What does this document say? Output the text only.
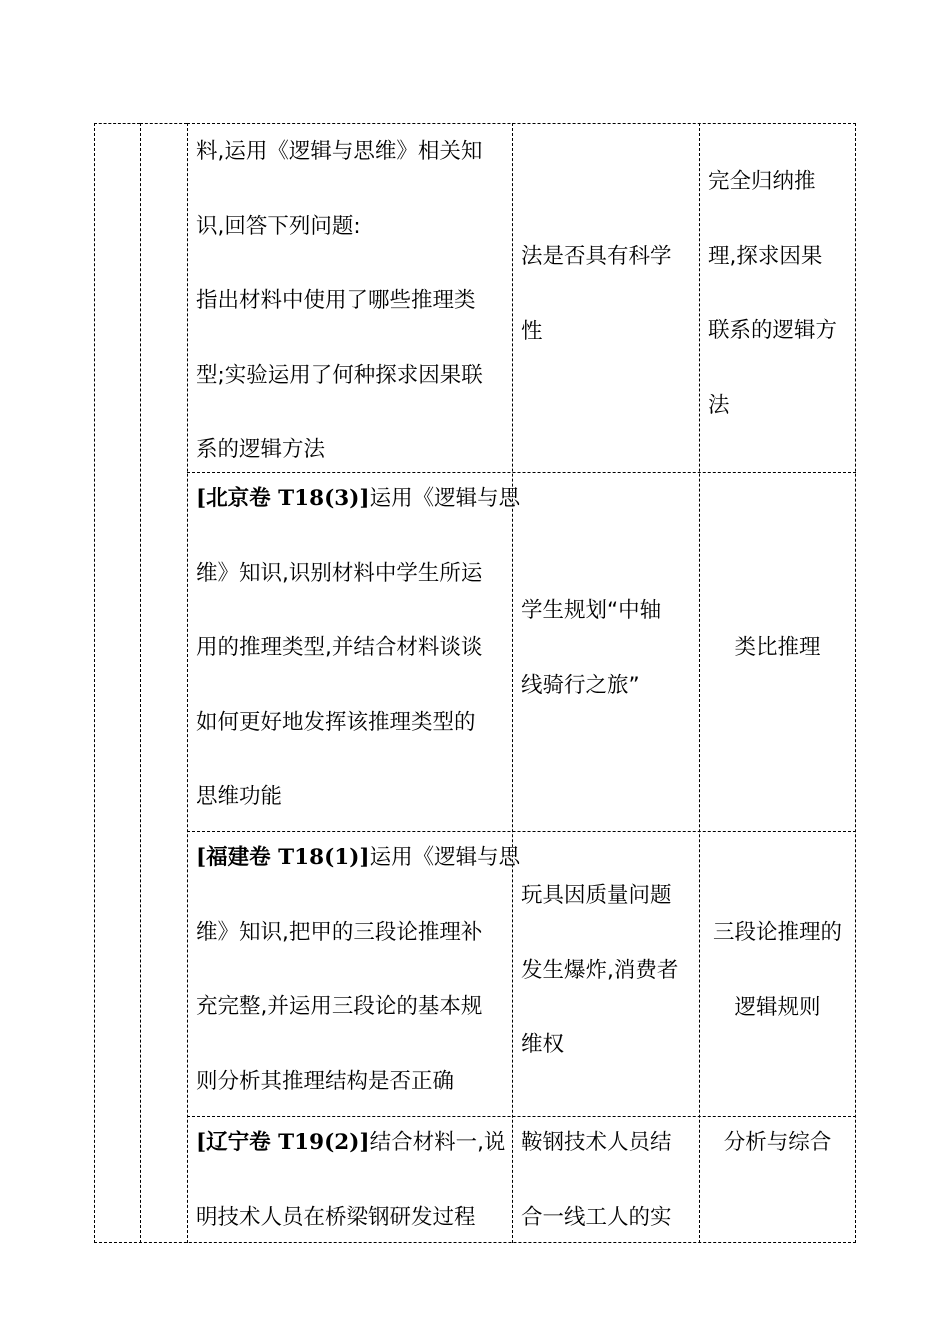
料,运用《逻辑与思维》相关知
识,回答下列问题:
指出材料中使用了哪些推理类
型;实验运用了何种探求因果联
系的逻辑方法
法是否具有科学
性
完全归纳推
理,探求因果
联系的逻辑方
法
[北京卷 T18(3)]运用《逻辑与思
维》知识,识别材料中学生所运
用的推理类型,并结合材料谈谈
如何更好地发挥该推理类型的
思维功能
学生规划“中轴
线骑行之旅”
类比推理
[福建卷 T18(1)]运用《逻辑与思
维》知识,把甲的三段论推理补
充完整,并运用三段论的基本规
则分析其推理结构是否正确
玩具因质量问题
发生爆炸,消费者
维权
三段论推理的
逻辑规则
[辽宁卷 T19(2)]结合材料一,说
明技术人员在桥梁钢研发过程
鞍钢技术人员结
合一线工人的实
分析与综合
